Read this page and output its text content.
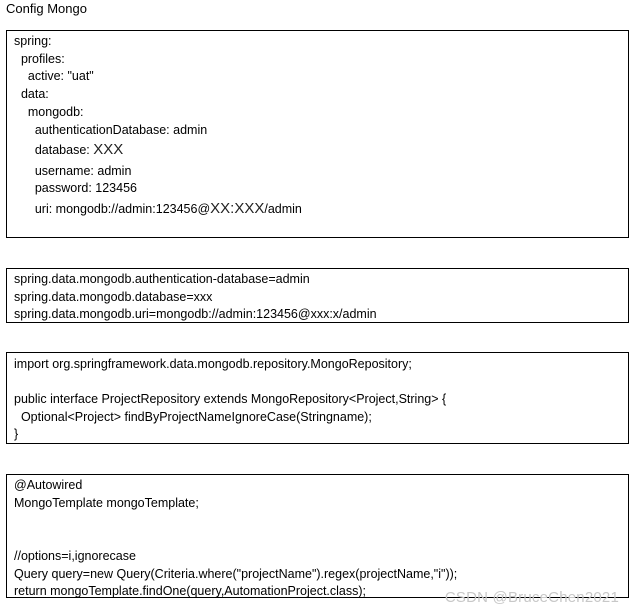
Config Mongo
spring:
profiles:
active: "uat"
data:
mongodb:
authenticationDatabase: admin
database: XXX
username: admin
password: 123456
uri: mongodb://admin:123456@XX:XXX/admin
spring.data.mongodb.authentication-database=admin
spring.data.mongodb.database=xxx
spring.data.mongodb.uri=mongodb://admin:123456@xxx:x/admin
import org.springframework.data.mongodb.repository.MongoRepository;
public interface ProjectRepository extends MongoRepository<Project,String> {
Optional<Project> findByProjectNameIgnoreCase(Stringname);
}
@Autowired
MongoTemplate mongoTemplate;
//options=i,ignorecase
Query query=new Query(Criteria.where("projectName").regex(projectName,"i"));
return mongoTemplate.findOne(query,AutomationProject.class);	CSDN @BruceChen2021
